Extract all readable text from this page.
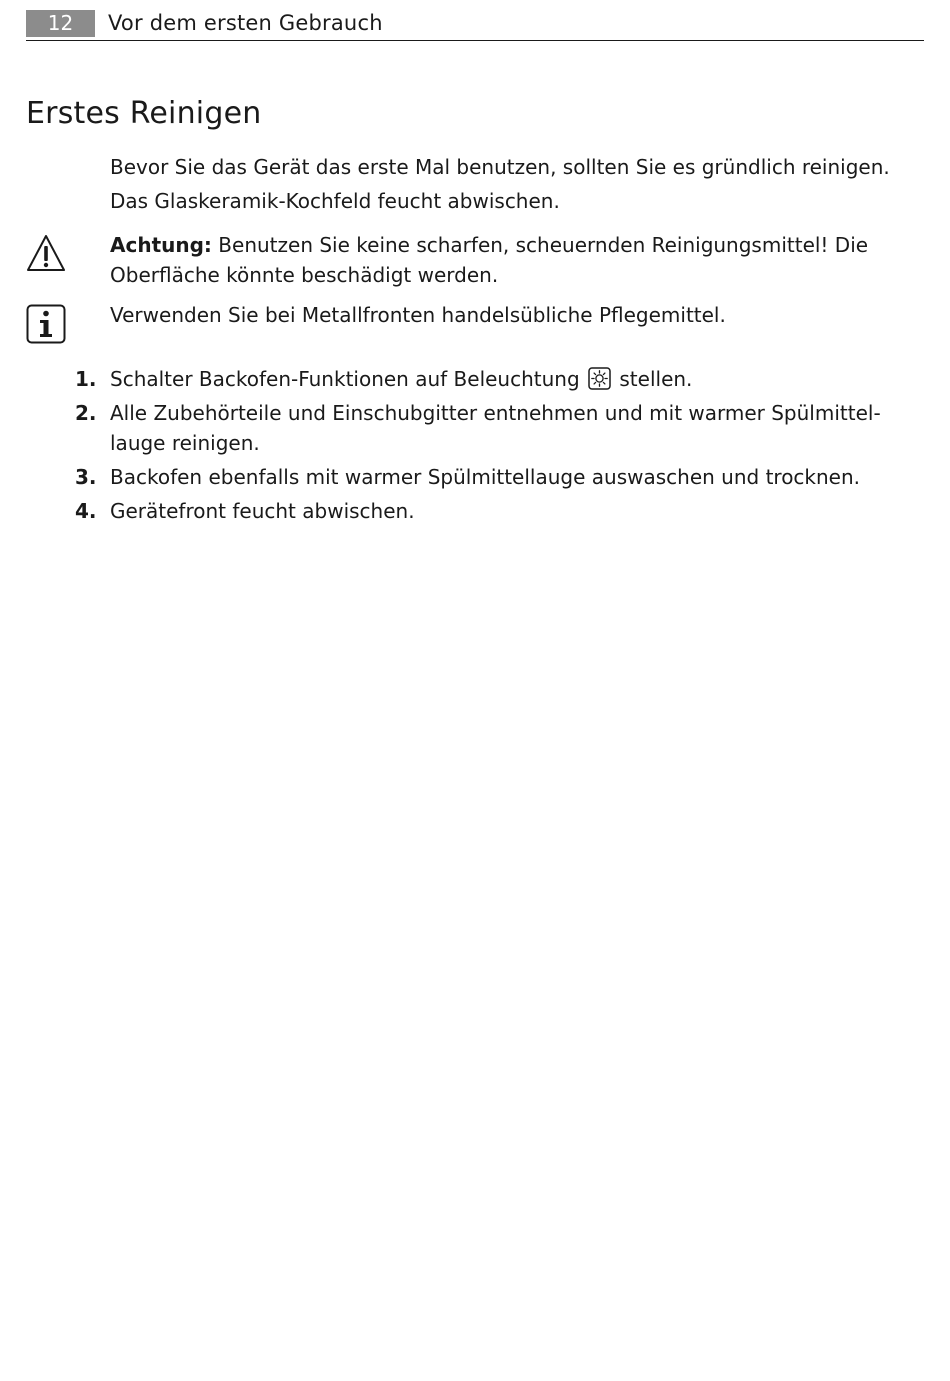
12	Vor dem ersten Gebrauch
Erstes Reinigen
Bevor Sie das Gerät das erste Mal benutzen, sollten Sie es gründlich reinigen.
Das Glaskeramik-Kochfeld feucht abwischen.

Achtung: Benutzen Sie keine scharfen, scheuernden Reinigungsmittel! Die Oberfläche könnte beschädigt werden.

Verwenden Sie bei Metallfronten handelsübliche Pflegemittel.

1. Schalter Backofen-Funktionen auf Beleuchtung  stellen.
2. Alle Zubehörteile und Einschubgitter entnehmen und mit warmer Spülmittel-lauge reinigen.
3. Backofen ebenfalls mit warmer Spülmittellauge auswaschen und trocknen.
4. Gerätefront feucht abwischen.
